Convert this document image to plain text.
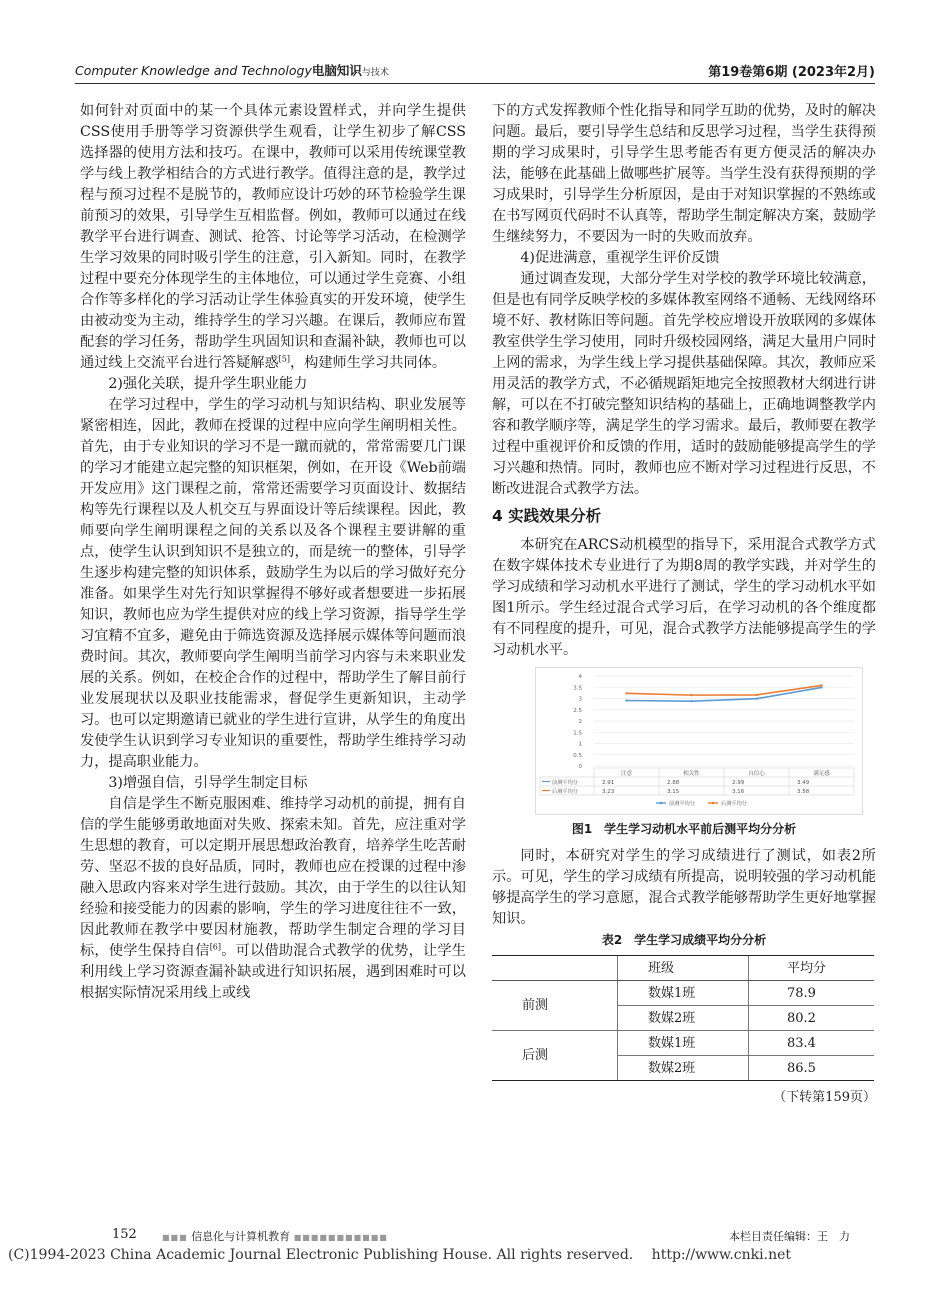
Computer Knowledge and Technology电脑知识与技术	第19卷第6期 (2023年2月)

如何针对页面中的某一个具体元素设置样式，并向学生提供CSS使用手册等学习资源供学生观看，让学生初步了解CSS选择器的使用方法和技巧。在课中，教师可以采用传统课堂教学与线上教学相结合的方式进行教学。值得注意的是，教学过程与预习过程不是脱节的，教师应设计巧妙的环节检验学生课前预习的效果，引导学生互相监督。例如，教师可以通过在线教学平台进行调查、测试、抢答、讨论等学习活动，在检测学生学习效果的同时吸引学生的注意，引入新知。同时，在教学过程中要充分体现学生的主体地位，可以通过学生竞赛、小组合作等多样化的学习活动让学生体验真实的开发环境，使学生由被动变为主动，维持学生的学习兴趣。在课后，教师应布置配套的学习任务，帮助学生巩固知识和查漏补缺，教师也可以通过线上交流平台进行答疑解惑[5]，构建师生学习共同体。

2)强化关联，提升学生职业能力

在学习过程中，学生的学习动机与知识结构、职业发展等紧密相连，因此，教师在授课的过程中应向学生阐明相关性。首先，由于专业知识的学习不是一蹴而就的，常常需要几门课的学习才能建立起完整的知识框架，例如，在开设《Web前端开发应用》这门课程之前，常常还需要学习页面设计、数据结构等先行课程以及人机交互与界面设计等后续课程。因此，教师要向学生阐明课程之间的关系以及各个课程主要讲解的重点，使学生认识到知识不是独立的，而是统一的整体，引导学生逐步构建完整的知识体系，鼓励学生为以后的学习做好充分准备。如果学生对先行知识掌握得不够好或者想要进一步拓展知识，教师也应为学生提供对应的线上学习资源，指导学生学习宜精不宜多，避免由于筛选资源及选择展示媒体等问题而浪费时间。其次，教师要向学生阐明当前学习内容与未来职业发展的关系。例如，在校企合作的过程中，帮助学生了解目前行业发展现状以及职业技能需求，督促学生更新知识，主动学习。也可以定期邀请已就业的学生进行宣讲，从学生的角度出发使学生认识到学习专业知识的重要性，帮助学生维持学习动力，提高职业能力。

3)增强自信，引导学生制定目标

自信是学生不断克服困难、维持学习动机的前提，拥有自信的学生能够勇敢地面对失败、探索未知。首先，应注重对学生思想的教育，可以定期开展思想政治教育，培养学生吃苦耐劳、坚忍不拔的良好品质，同时，教师也应在授课的过程中渗融入思政内容来对学生进行鼓励。其次，由于学生的以往认知经验和接受能力的因素的影响，学生的学习进度往往不一致，因此教师在教学中要因材施教，帮助学生制定合理的学习目标，使学生保持自信[6]。可以借助混合式教学的优势，让学生利用线上学习资源查漏补缺或进行知识拓展，遇到困难时可以根据实际情况采用线上或线

下的方式发挥教师个性化指导和同学互助的优势，及时的解决问题。最后，要引导学生总结和反思学习过程，当学生获得预期的学习成果时，引导学生思考能否有更方便灵活的解决办法，能够在此基础上做哪些扩展等。当学生没有获得预期的学习成果时，引导学生分析原因，是由于对知识掌握的不熟练或在书写网页代码时不认真等，帮助学生制定解决方案，鼓励学生继续努力，不要因为一时的失败而放弃。

4)促进满意，重视学生评价反馈

通过调查发现，大部分学生对学校的教学环境比较满意，但是也有同学反映学校的多媒体教室网络不通畅、无线网络环境不好、教材陈旧等问题。首先学校应增设开放联网的多媒体教室供学生学习使用，同时升级校园网络，满足大量用户同时上网的需求，为学生线上学习提供基础保障。其次，教师应采用灵活的教学方式，不必循规蹈矩地完全按照教材大纲进行讲解，可以在不打破完整知识结构的基础上，正确地调整教学内容和教学顺序等，满足学生的学习需求。最后，教师要在教学过程中重视评价和反馈的作用，适时的鼓励能够提高学生的学习兴趣和热情。同时，教师也应不断对学习过程进行反思，不断改进混合式教学方法。

4 实践效果分析

本研究在ARCS动机模型的指导下，采用混合式教学方式在数字媒体技术专业进行了为期8周的教学实践，并对学生的学习成绩和学习动机水平进行了测试，学生的学习动机水平如图1所示。学生经过混合式学习后，在学习动机的各个维度都有不同程度的提升，可见，混合式教学方法能够提高学生的学习动机水平。

4
3.5
3
2.5
2
1.5
1
0.5
0
注意	相关性	自信心	满足感
前测平均分	2.91	2.88	2.99	3.49
后测平均分	3.23	3.15	3.16	3.58
前测平均分	后测平均分
图1　学生学习动机水平前后测平均分分析

同时，本研究对学生的学习成绩进行了测试，如表2所示。可见，学生的学习成绩有所提高，说明较强的学习动机能够提高学生的学习意愿，混合式教学能够帮助学生更好地掌握知识。

表2　学生学习成绩平均分分析
	班级	平均分
前测	数媒1班	78.9
	数媒2班	80.2
后测	数媒1班	83.4
	数媒2班	86.5
（下转第159页）
152	■■■ 信息化与计算机教育 ■■■■■■■■■■■	本栏目责任编辑：王　力
(C)1994-2023 China Academic Journal Electronic Publishing House. All rights reserved.　 http://www.cnki.net
